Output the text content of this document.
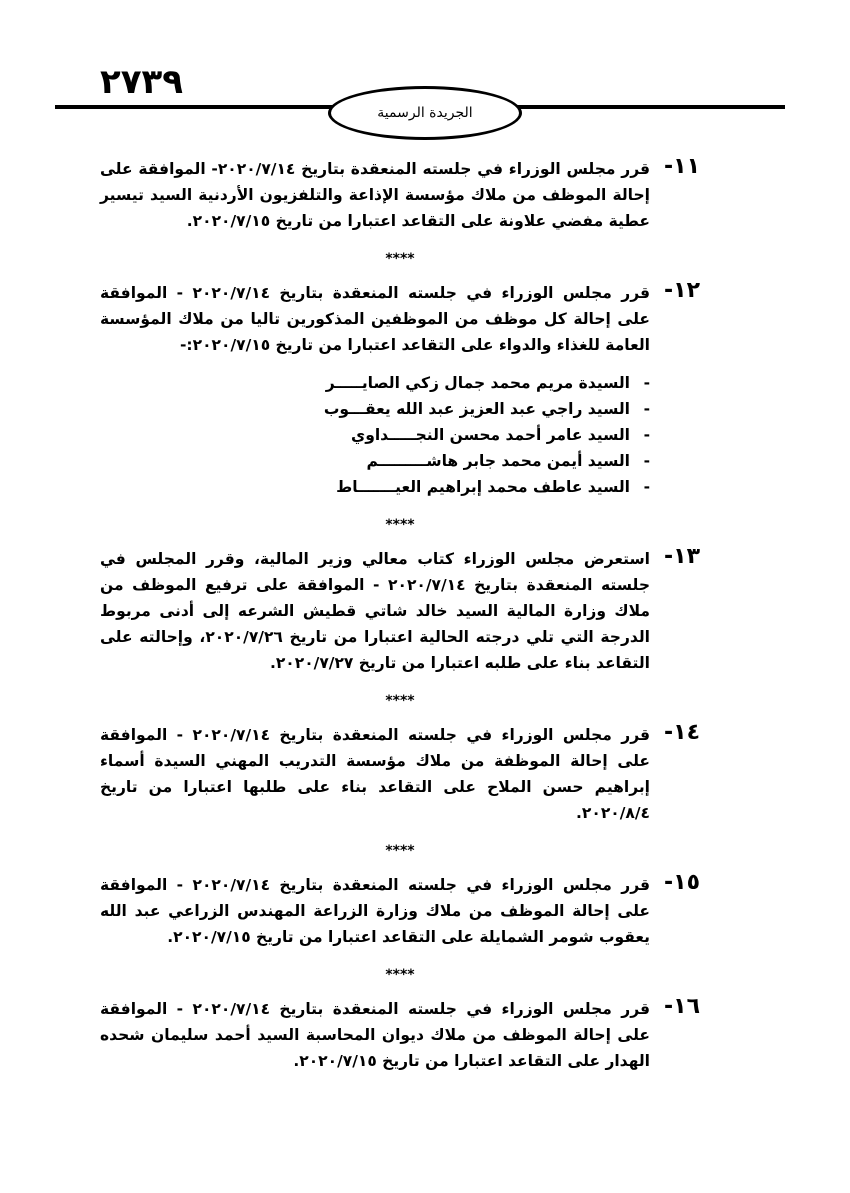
٢٧٣٩
الجريدة الرسمية
١١-
قرر مجلس الوزراء في جلسته المنعقدة بتاريخ ٢٠٢٠/٧/١٤- الموافقة على إحالة الموظف من ملاك مؤسسة الإذاعة والتلفزيون الأردنية السيد تيسير عطية مفضي علاونة على التقاعد اعتبارا من تاريخ ٢٠٢٠/٧/١٥.
****
١٢-
قرر مجلس الوزراء في جلسته المنعقدة بتاريخ ٢٠٢٠/٧/١٤ - الموافقة على إحالة كل موظف من الموظفين المذكورين تاليا من ملاك المؤسسة العامة للغذاء والدواء على التقاعد اعتبارا من تاريخ ٢٠٢٠/٧/١٥:-
-
السيدة مريم محمد جمال زكي الصايـــــر
-
السيد راجي عبد العزيز عبد الله يعقـــوب
-
السيد عامر أحمد محسن النجـــــداوي
-
السيد أيمن محمد جابر هاشـــــــــم
-
السيد عاطف محمد إبراهيم العيـــــــاط
****
١٣-
استعرض مجلس الوزراء كتاب معالي وزير المالية، وقرر المجلس في جلسته المنعقدة بتاريخ ٢٠٢٠/٧/١٤ - الموافقة على ترفيع الموظف من ملاك وزارة المالية السيد خالد شاتي قطيش الشرعه إلى أدنى مربوط الدرجة التي تلي درجته الحالية اعتبارا من تاريخ ٢٠٢٠/٧/٢٦، وإحالته على التقاعد بناء على طلبه اعتبارا من تاريخ ٢٠٢٠/٧/٢٧.
****
١٤-
قرر مجلس الوزراء في جلسته المنعقدة بتاريخ ٢٠٢٠/٧/١٤ - الموافقة على إحالة الموظفة من ملاك مؤسسة التدريب المهني السيدة أسماء إبراهيم حسن الملاح على التقاعد بناء على طلبها اعتبارا من تاريخ ٢٠٢٠/٨/٤.
****
١٥-
قرر مجلس الوزراء في جلسته المنعقدة بتاريخ ٢٠٢٠/٧/١٤ - الموافقة على إحالة الموظف من ملاك وزارة الزراعة المهندس الزراعي عبد الله يعقوب شومر الشمايلة على التقاعد اعتبارا من تاريخ ٢٠٢٠/٧/١٥.
****
١٦-
قرر مجلس الوزراء في جلسته المنعقدة بتاريخ ٢٠٢٠/٧/١٤ - الموافقة على إحالة الموظف من ملاك ديوان المحاسبة السيد أحمد سليمان شحده الهدار على التقاعد اعتبارا من تاريخ ٢٠٢٠/٧/١٥.
